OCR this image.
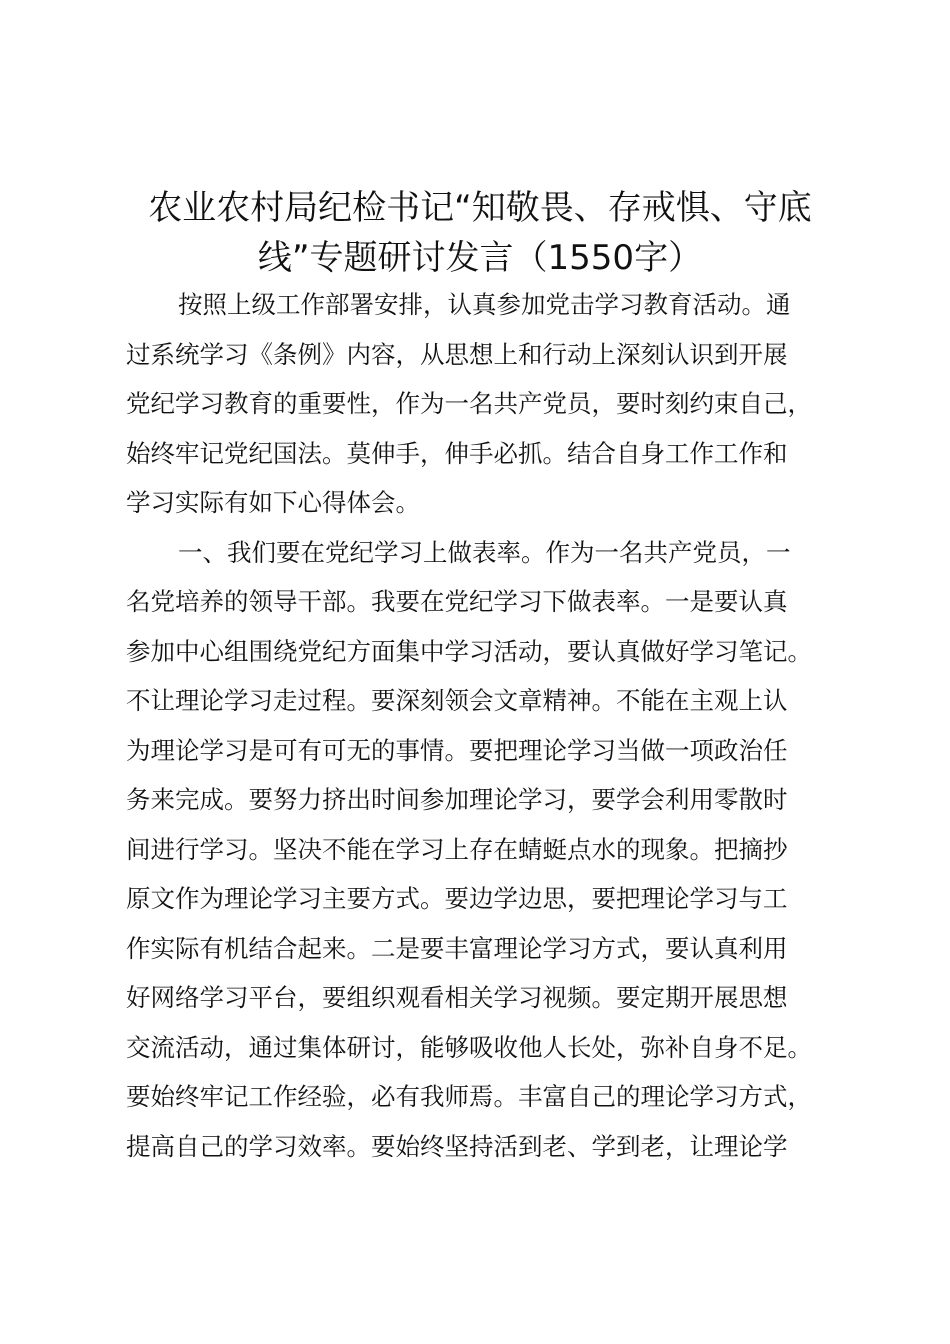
农业农村局纪检书记“知敬畏、存戒惧、守底
线”专题研讨发言（1550字）
按照上级工作部署安排，认真参加党击学习教育活动。通
过系统学习《条例》内容，从思想上和行动上深刻认识到开展
党纪学习教育的重要性，作为一名共产党员，要时刻约束自己，
始终牢记党纪国法。莫伸手，伸手必抓。结合自身工作工作和
学习实际有如下心得体会。
一、我们要在党纪学习上做表率。作为一名共产党员，一
名党培养的领导干部。我要在党纪学习下做表率。一是要认真
参加中心组围绕党纪方面集中学习活动，要认真做好学习笔记。
不让理论学习走过程。要深刻领会文章精神。不能在主观上认
为理论学习是可有可无的事情。要把理论学习当做一项政治任
务来完成。要努力挤出时间参加理论学习，要学会利用零散时
间进行学习。坚决不能在学习上存在蜻蜓点水的现象。把摘抄
原文作为理论学习主要方式。要边学边思，要把理论学习与工
作实际有机结合起来。二是要丰富理论学习方式，要认真利用
好网络学习平台，要组织观看相关学习视频。要定期开展思想
交流活动，通过集体研讨，能够吸收他人长处，弥补自身不足。
要始终牢记工作经验，必有我师焉。丰富自己的理论学习方式，
提高自己的学习效率。要始终坚持活到老、学到老，让理论学
